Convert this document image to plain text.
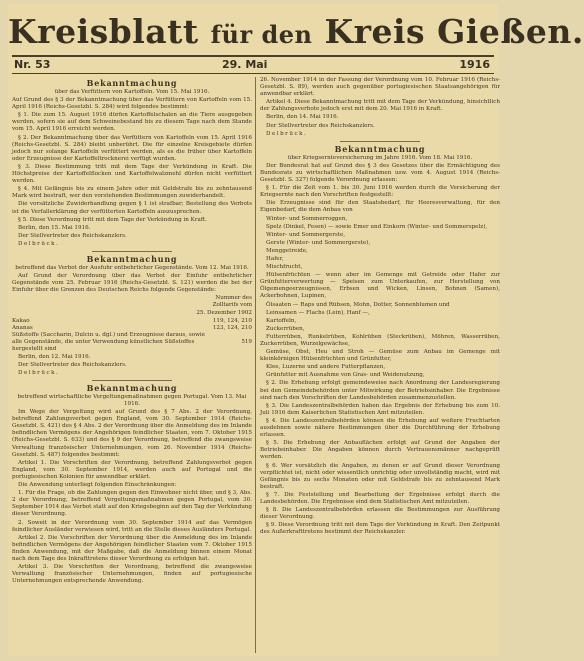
Kreisblatt für den Kreis Gießen.
Nr. 53	29. Mai	1916
Bekanntmachung
über das Verfüttern von Kartoffeln. Vom 15. Mai 1916.

Auf Grund des § 3 der Bekanntmachung über das Verfüttern von Kartoffeln vom 15. April 1916 (Reichs-Gesetzbl. S. 284) wird folgendes bestimmt:

§ 1. Die zum 15. August 1916 dürfen Kartoffelschalen an die Tiere ausgegeben werden, sofern sie auf dem Schweinebestand bis zu diesem Tage nach dem Stande vom 15. April 1916 erreicht werden.

§ 2. Der Bekanntmachung über das Verfüttern von Kartoffeln vom 15. April 1916 (Reichs-Gesetzbl. S. 284) bleibt unberührt. Die für einzelne Kreisgebiete dürfen jedoch nur solange Kartoffeln verfüttert werden, als es die früher über Kartoffeln oder Erzeugnisse der Kartoffeltrocknerei verfügt wurden.

§ 3. Diese Bestimmung tritt mit dem Tage der Verkündung in Kraft. Die Höchstpreise der Kartoffelflocken und Kartoffelwalzmehl dürfen nicht verfüttert werden.

§ 4. Mit Gefängnis bis zu einem Jahre oder mit Geldstrafe bis zu zehntausend Mark wird bestraft, wer den vorstehenden Bestimmungen zuwiderhandelt.

Die vorsätzliche Zuwiderhandlung gegen § 1 ist strafbar; Bestellung des Verbots ist die Verfallerklärung der verfütterten Kartoffeln auszusprechen.

§ 5. Diese Verordnung tritt mit dem Tage der Verkündung in Kraft.

Berlin, den 15. Mai 1916.

Der Stellvertreter des Reichskanzlers.

Delbrück.

Bekanntmachung
betreffend das Verbot der Ausfuhr entbehrlicher Gegenstände. Vom 12. Mai 1916.

Auf Grund der Verordnung über das Verbot der Einfuhr entbehrlicher Gegenstände vom 25. Februar 1916 (Reichs-Gesetzbl. S. 121) werden die bei der Einfuhr über die Grenzen des Deutschen Reichs folgende Gegenstände:

Nummer des
Zolltarifs vom
25. Dezember 1902
Kakao	119, 124, 210
Ananas	123, 124, 210
Süßstoffe (Saccharin, Dulcin u. dgl.) und Erzeugnisse daraus, sowie alle Gegenstände, die unter Verwendung künstlichen Süßstoffes hergestellt sind	519

Berlin, den 12. Mai 1916.

Der Stellvertreter des Reichskanzlers.

Delbrück.

Bekanntmachung
betreffend wirtschaftliche Vergeltungsmaßnahmen gegen Portugal. Vom 13. Mai 1916.

Im Wege der Vergeltung wird auf Grund des § 7 Abs. 2 der Verordnung, betreffend Zahlungsverbot gegen England, vom 30. September 1914 (Reichs-Gesetzbl. S. 421) des § 4 Abs. 2 der Verordnung über die Anmeldung des im Inlande befindlichen Vermögens der Angehörigen feindlicher Staaten, vom 7. Oktober 1915 (Reichs-Gesetzbl. S. 633) und des § 9 der Verordnung, betreffend die zwangsweise Verwaltung französischer Unternehmungen, vom 26. November 1914 (Reichs-Gesetzbl. S. 487) folgendes bestimmt:

Artikel 1. Die Vorschriften der Verordnung, betreffend Zahlungsverbot gegen England, vom 30. September 1914, werden auch auf Portugal und die portugiesischen Kolonien für anwendbar erklärt.

Die Anwendung unterliegt folgenden Einschränkungen:

1. Für die Frage, ob die Zahlungen gegen den Einwohner nicht über, und § 3, Abs. 2 der Verordnung, betreffend Vergeltungsmaßnahmen gegen Portugal, vom 30. September 1914 das Verbot statt auf den Kriegsbeginn auf den Tag der Verkündung dieser Verordnung.

2. Soweit in der Verordnung vom 30. September 1914 auf das Vermögen feindlicher Ausländer verwiesen wird, tritt an die Stelle dieses Ausländers Portugal.

Artikel 2. Die Vorschriften der Verordnung über die Anmeldung des im Inlande befindlichen Vermögens der Angehörigen feindlicher Staaten vom 7. Oktober 1915 finden Anwendung, mit der Maßgabe, daß die Anmeldung binnen einem Monat nach dem Tage des Inkrafttretens dieser Verordnung zu erfolgen hat.

Artikel 3. Die Vorschriften der Verordnung, betreffend die zwangsweise Verwaltung französischer Unternehmungen, finden auf portugiesische Unternehmungen entsprechende Anwendung.

26. November 1914 in der Fassung der Verordnung vom 10. Februar 1916 (Reichs-Gesetzbl. S. 89), werden auch gegenüber portugiesischen Staatsangehörigen für anwendbar erklärt.

Artikel 4. Diese Bekanntmachung tritt mit dem Tage der Verkündung, hinsichtlich der Zahlungsverbote jedoch erst mit dem 20. Mai 1916 in Kraft.

Berlin, den 14. Mai 1916.

Der Stellvertreter des Reichskanzlers.

Delbrück.

Bekanntmachung
über Kriegsernteversicherung im Jahre 1916. Vom 18. Mai 1916.

Der Bundesrat hat auf Grund des § 3 des Gesetzes über die Ermächtigung des Bundesrats zu wirtschaftlichen Maßnahmen usw. vom 4. August 1914 (Reichs-Gesetzbl. S. 327) folgende Verordnung erlassen:

§ 1. Für die Zeit vom 1. bis 30. Juni 1916 werden durch die Versicherung der Kriegsernte nach den Vorschriften festgestellt:

Die Erzeugnisse sind für den Staatsbedarf, für Heeresverwaltung, für den Eigenbedarf, die dem Anbau von

Winter- und Sommerroggen,

Spelz (Dinkel, Fesen) — sowie Emer und Einkorn (Winter- und Sommerspelz),

Winter- und Sommergerste,

Gerste (Winter- und Sommergerste),

Menggetreide,

Hafer,

Mischfrucht,

Hülsenfrüchten — wenn aber im Gemenge mit Getreide oder Hafer zur Grünfutterverwertung — Speisen zum Unterkaufen, zur Herstellung von Ölgemengeerzeugnissen, Erbsen und Wicken, Linsen, Bohnen (Samen), Ackerbohnen, Lupinen,

Ölsaaten — Raps und Rübsen, Mohn, Dotter, Sonnenblumen und

Leinsamen — Flachs (Lein), Hanf —,

Kartoffeln,

Zuckerrüben,

Futterrüben, Runkelrüben, Kohlrüben (Steckrüben), Möhren, Wasserrüben, Zuckerrüben, Wurzelgewächse,

Gemüse, Obst, Heu und Stroh — Gemüse zum Anbau im Gemenge mit kleinkörnigen Hülsenfrüchten und Grünfutter,

Klee, Luzerne und andere Futterpflanzen,

Grünfutter mit Ausnahme von Gras- und Weidenutzung,

§ 2. Die Erhebung erfolgt gemeindeweise nach Anordnung der Landesregierung bei den Gemeindebehörden unter Mitwirkung der Betriebsinhaber. Die Ergebnisse sind nach den Vorschriften der Landesbehörden zusammenzustellen.

§ 3. Die Landeszentralbehörden haben das Ergebnis der Erhebung bis zum 10. Juli 1916 dem Kaiserlichen Statistischen Amt mitzuteilen.

§ 4. Die Landeszentralbehörden können die Erhebung auf weitere Fruchtarten ausdehnen sowie nähere Bestimmungen über die Durchführung der Erhebung erlassen.

§ 5. Die Erhebung der Anbauflächen erfolgt auf Grund der Angaben der Betriebsinhaber. Die Angaben können durch Vertrauensmänner nachgeprüft werden.

§ 6. Wer vorsätzlich die Angaben, zu denen er auf Grund dieser Verordnung verpflichtet ist, nicht oder wissentlich unrichtig oder unvollständig macht, wird mit Gefängnis bis zu sechs Monaten oder mit Geldstrafe bis zu zehntausend Mark bestraft.

§ 7. Die Feststellung und Bearbeitung der Ergebnisse erfolgt durch die Landesbehörden. Die Ergebnisse sind dem Statistischen Amt mitzuteilen.

§ 8. Die Landeszentralbehörden erlassen die Bestimmungen zur Ausführung dieser Verordnung.

§ 9. Diese Verordnung tritt mit dem Tage der Verkündung in Kraft. Den Zeitpunkt des Außerkrafttretens bestimmt der Reichskanzler.
